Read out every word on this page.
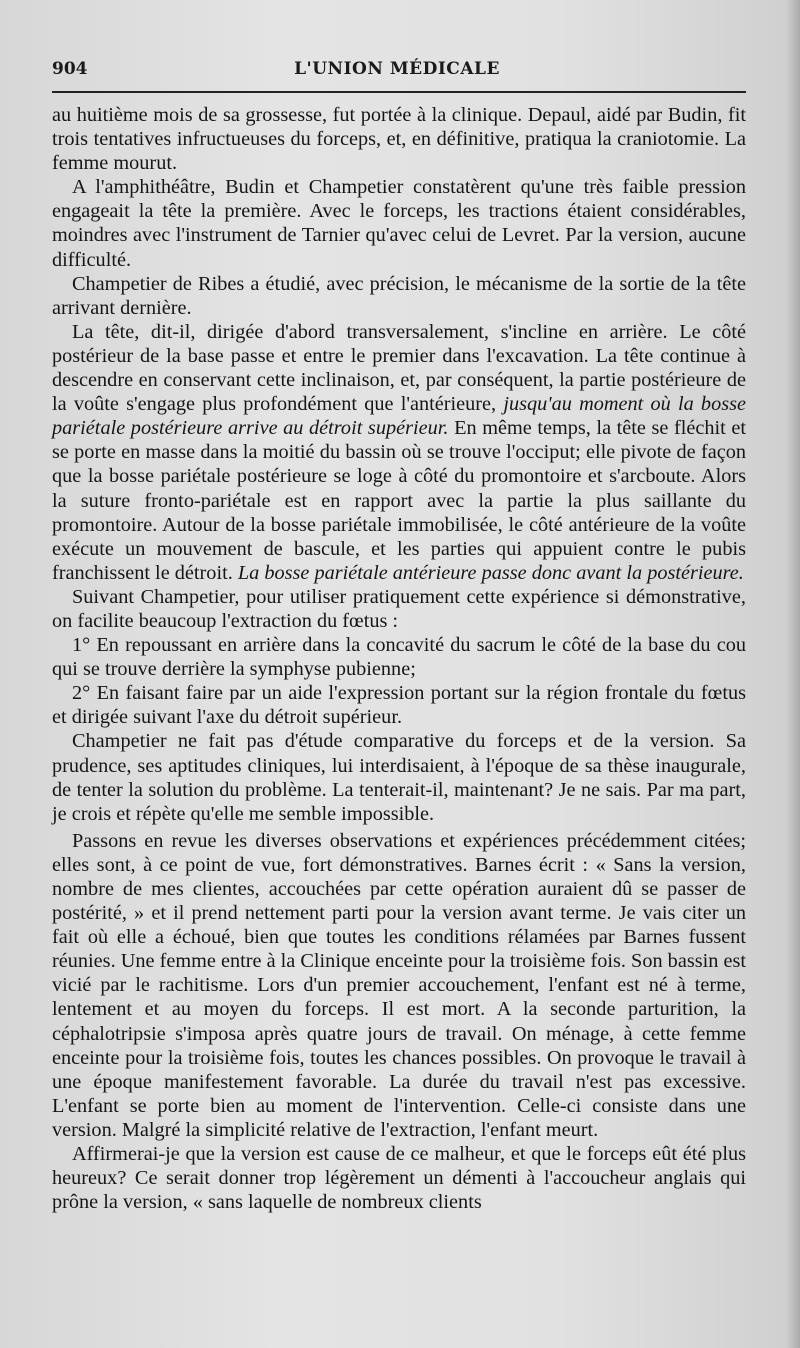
904	L'UNION MÉDICALE

au huitième mois de sa grossesse, fut portée à la clinique. Depaul, aidé par Budin, fit trois tentatives infructueuses du forceps, et, en définitive, pratiqua la craniotomie. La femme mourut.

A l'amphithéâtre, Budin et Champetier constatèrent qu'une très faible pression engageait la tête la première. Avec le forceps, les tractions étaient considérables, moindres avec l'instrument de Tarnier qu'avec celui de Levret. Par la version, aucune difficulté.

Champetier de Ribes a étudié, avec précision, le mécanisme de la sortie de la tête arrivant dernière.

La tête, dit-il, dirigée d'abord transversalement, s'incline en arrière. Le côté postérieur de la base passe et entre le premier dans l'excavation. La tête continue à descendre en conservant cette inclinaison, et, par conséquent, la partie postérieure de la voûte s'engage plus profondément que l'antérieure, jusqu'au moment où la bosse pariétale postérieure arrive au détroit supérieur. En même temps, la tête se fléchit et se porte en masse dans la moitié du bassin où se trouve l'occiput; elle pivote de façon que la bosse pariétale postérieure se loge à côté du promontoire et s'arcboute. Alors la suture fronto-pariétale est en rapport avec la partie la plus saillante du promontoire. Autour de la bosse pariétale immobilisée, le côté antérieure de la voûte exécute un mouvement de bascule, et les parties qui appuient contre le pubis franchissent le détroit. La bosse pariétale antérieure passe donc avant la postérieure.

Suivant Champetier, pour utiliser pratiquement cette expérience si démonstrative, on facilite beaucoup l'extraction du fœtus :

1° En repoussant en arrière dans la concavité du sacrum le côté de la base du cou qui se trouve derrière la symphyse pubienne;

2° En faisant faire par un aide l'expression portant sur la région frontale du fœtus et dirigée suivant l'axe du détroit supérieur.

Champetier ne fait pas d'étude comparative du forceps et de la version. Sa prudence, ses aptitudes cliniques, lui interdisaient, à l'époque de sa thèse inaugurale, de tenter la solution du problème. La tenterait-il, maintenant? Je ne sais. Par ma part, je crois et répète qu'elle me semble impossible.

Passons en revue les diverses observations et expériences précédemment citées; elles sont, à ce point de vue, fort démonstratives. Barnes écrit : « Sans la version, nombre de mes clientes, accouchées par cette opération auraient dû se passer de postérité, » et il prend nettement parti pour la version avant terme. Je vais citer un fait où elle a échoué, bien que toutes les conditions rélamées par Barnes fussent réunies. Une femme entre à la Clinique enceinte pour la troisième fois. Son bassin est vicié par le rachitisme. Lors d'un premier accouchement, l'enfant est né à terme, lentement et au moyen du forceps. Il est mort. A la seconde parturition, la céphalotripsie s'imposa après quatre jours de travail. On ménage, à cette femme enceinte pour la troisième fois, toutes les chances possibles. On provoque le travail à une époque manifestement favorable. La durée du travail n'est pas excessive. L'enfant se porte bien au moment de l'intervention. Celle-ci consiste dans une version. Malgré la simplicité relative de l'extraction, l'enfant meurt.

Affirmerai-je que la version est cause de ce malheur, et que le forceps eût été plus heureux? Ce serait donner trop légèrement un démenti à l'accoucheur anglais qui prône la version, « sans laquelle de nombreux clients
